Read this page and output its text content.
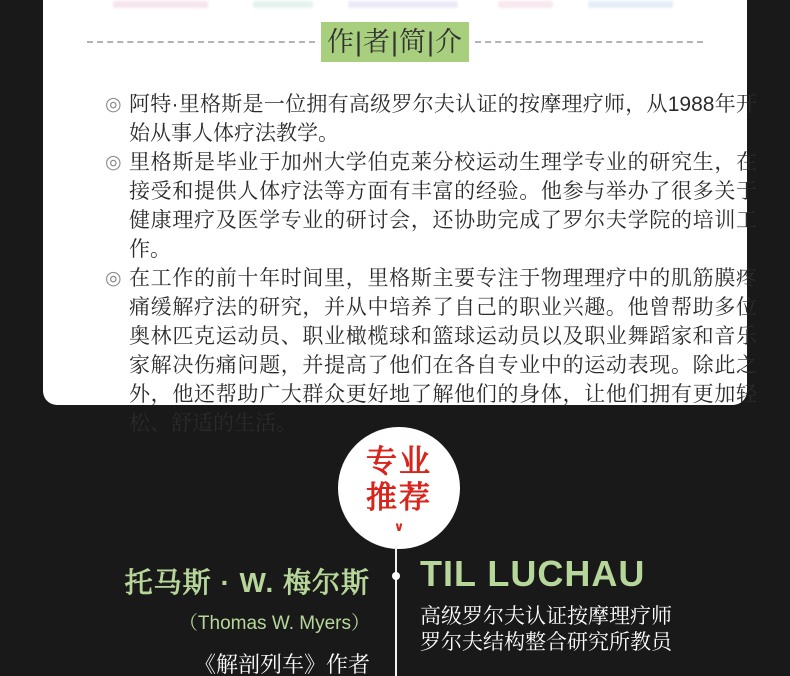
作|者|简|介
◎ 阿特·里格斯是一位拥有高级罗尔夫认证的按摩理疗师，从1988年开始从事人体疗法教学。
◎ 里格斯是毕业于加州大学伯克莱分校运动生理学专业的研究生，在接受和提供人体疗法等方面有丰富的经验。他参与举办了很多关于健康理疗及医学专业的研讨会，还协助完成了罗尔夫学院的培训工作。
◎ 在工作的前十年时间里，里格斯主要专注于物理理疗中的肌筋膜疼痛缓解疗法的研究，并从中培养了自己的职业兴趣。他曾帮助多位奥林匹克运动员、职业橄榄球和篮球运动员以及职业舞蹈家和音乐家解决伤痛问题，并提高了他们在各自专业中的运动表现。除此之外，他还帮助广大群众更好地了解他们的身体，让他们拥有更加轻松、舒适的生活。
专业
推荐
∨
托马斯 · W. 梅尔斯
（Thomas W. Myers）
《解剖列车》作者
TIL LUCHAU
高级罗尔夫认证按摩理疗师
罗尔夫结构整合研究所教员
